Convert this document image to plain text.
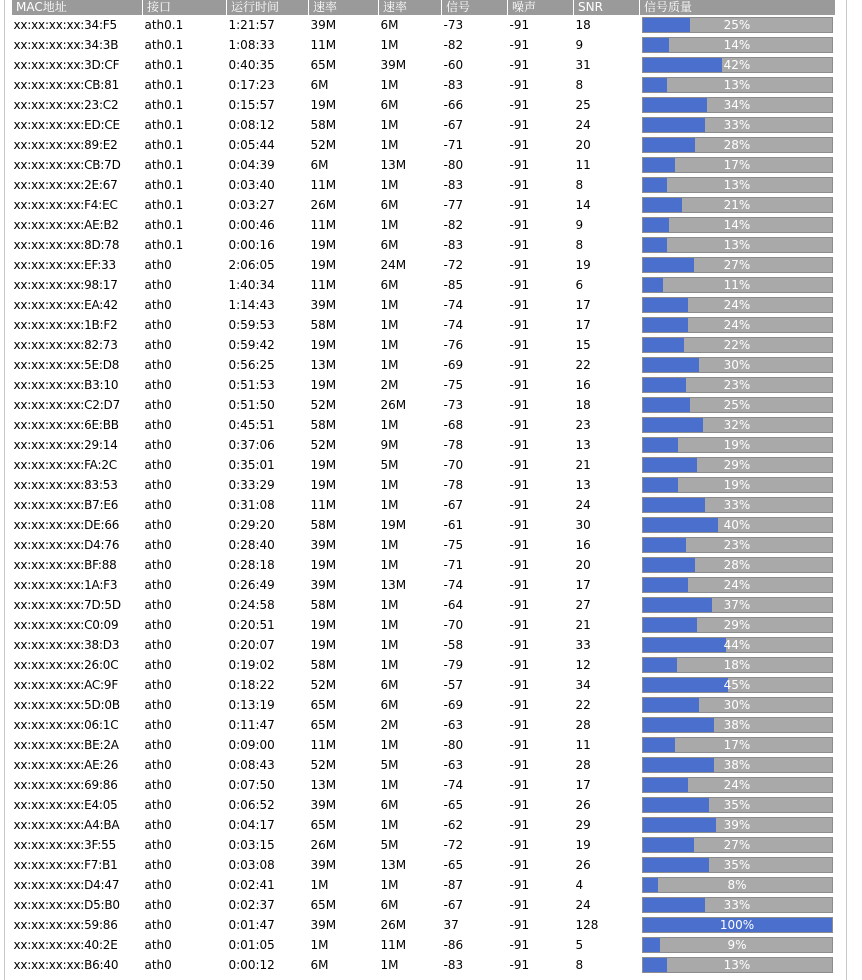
MAC地址	接口	运行时间	速率	速率	信号	噪声	SNR	信号质量
xx:xx:xx:xx:34:F5	ath0.1	1:21:57	39M	6M	-73	-91	18	25%

xx:xx:xx:xx:34:3B	ath0.1	1:08:33	11M	1M	-82	-91	9	14%

xx:xx:xx:xx:3D:CF	ath0.1	0:40:35	65M	39M	-60	-91	31	42%

xx:xx:xx:xx:CB:81	ath0.1	0:17:23	6M	1M	-83	-91	8	13%

xx:xx:xx:xx:23:C2	ath0.1	0:15:57	19M	6M	-66	-91	25	34%

xx:xx:xx:xx:ED:CE	ath0.1	0:08:12	58M	1M	-67	-91	24	33%

xx:xx:xx:xx:89:E2	ath0.1	0:05:44	52M	1M	-71	-91	20	28%

xx:xx:xx:xx:CB:7D	ath0.1	0:04:39	6M	13M	-80	-91	11	17%

xx:xx:xx:xx:2E:67	ath0.1	0:03:40	11M	1M	-83	-91	8	13%

xx:xx:xx:xx:F4:EC	ath0.1	0:03:27	26M	6M	-77	-91	14	21%

xx:xx:xx:xx:AE:B2	ath0.1	0:00:46	11M	1M	-82	-91	9	14%

xx:xx:xx:xx:8D:78	ath0.1	0:00:16	19M	6M	-83	-91	8	13%

xx:xx:xx:xx:EF:33	ath0	2:06:05	19M	24M	-72	-91	19	27%

xx:xx:xx:xx:98:17	ath0	1:40:34	11M	6M	-85	-91	6	11%

xx:xx:xx:xx:EA:42	ath0	1:14:43	39M	1M	-74	-91	17	24%

xx:xx:xx:xx:1B:F2	ath0	0:59:53	58M	1M	-74	-91	17	24%

xx:xx:xx:xx:82:73	ath0	0:59:42	19M	1M	-76	-91	15	22%

xx:xx:xx:xx:5E:D8	ath0	0:56:25	13M	1M	-69	-91	22	30%

xx:xx:xx:xx:B3:10	ath0	0:51:53	19M	2M	-75	-91	16	23%

xx:xx:xx:xx:C2:D7	ath0	0:51:50	52M	26M	-73	-91	18	25%

xx:xx:xx:xx:6E:BB	ath0	0:45:51	58M	1M	-68	-91	23	32%

xx:xx:xx:xx:29:14	ath0	0:37:06	52M	9M	-78	-91	13	19%

xx:xx:xx:xx:FA:2C	ath0	0:35:01	19M	5M	-70	-91	21	29%

xx:xx:xx:xx:83:53	ath0	0:33:29	19M	1M	-78	-91	13	19%

xx:xx:xx:xx:B7:E6	ath0	0:31:08	11M	1M	-67	-91	24	33%

xx:xx:xx:xx:DE:66	ath0	0:29:20	58M	19M	-61	-91	30	40%

xx:xx:xx:xx:D4:76	ath0	0:28:40	39M	1M	-75	-91	16	23%

xx:xx:xx:xx:BF:88	ath0	0:28:18	19M	1M	-71	-91	20	28%

xx:xx:xx:xx:1A:F3	ath0	0:26:49	39M	13M	-74	-91	17	24%

xx:xx:xx:xx:7D:5D	ath0	0:24:58	58M	1M	-64	-91	27	37%

xx:xx:xx:xx:C0:09	ath0	0:20:51	19M	1M	-70	-91	21	29%

xx:xx:xx:xx:38:D3	ath0	0:20:07	19M	1M	-58	-91	33	44%

xx:xx:xx:xx:26:0C	ath0	0:19:02	58M	1M	-79	-91	12	18%

xx:xx:xx:xx:AC:9F	ath0	0:18:22	52M	6M	-57	-91	34	45%

xx:xx:xx:xx:5D:0B	ath0	0:13:19	65M	6M	-69	-91	22	30%

xx:xx:xx:xx:06:1C	ath0	0:11:47	65M	2M	-63	-91	28	38%

xx:xx:xx:xx:BE:2A	ath0	0:09:00	11M	1M	-80	-91	11	17%

xx:xx:xx:xx:AE:26	ath0	0:08:43	52M	5M	-63	-91	28	38%

xx:xx:xx:xx:69:86	ath0	0:07:50	13M	1M	-74	-91	17	24%

xx:xx:xx:xx:E4:05	ath0	0:06:52	39M	6M	-65	-91	26	35%

xx:xx:xx:xx:A4:BA	ath0	0:04:17	65M	1M	-62	-91	29	39%

xx:xx:xx:xx:3F:55	ath0	0:03:15	26M	5M	-72	-91	19	27%

xx:xx:xx:xx:F7:B1	ath0	0:03:08	39M	13M	-65	-91	26	35%

xx:xx:xx:xx:D4:47	ath0	0:02:41	1M	1M	-87	-91	4	8%

xx:xx:xx:xx:D5:B0	ath0	0:02:37	65M	6M	-67	-91	24	33%

xx:xx:xx:xx:59:86	ath0	0:01:47	39M	26M	37	-91	128	100%

xx:xx:xx:xx:40:2E	ath0	0:01:05	1M	11M	-86	-91	5	9%

xx:xx:xx:xx:B6:40	ath0	0:00:12	6M	1M	-83	-91	8	13%
